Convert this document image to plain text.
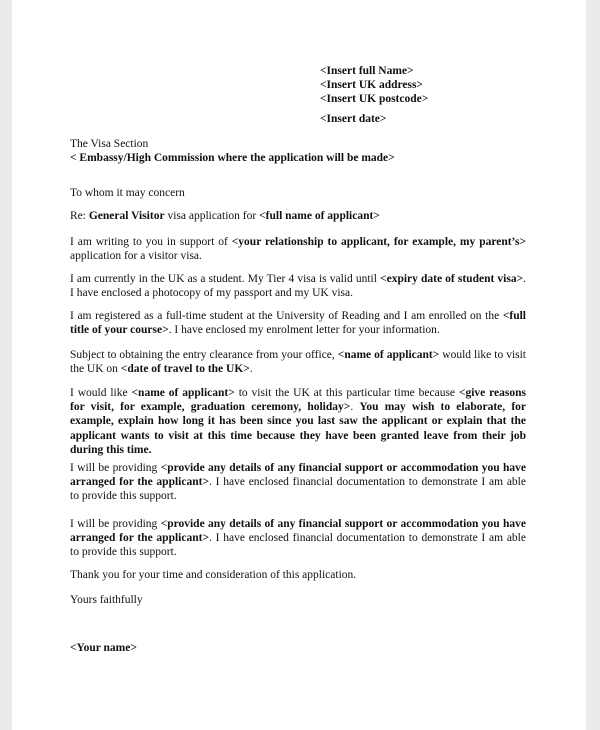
<Insert full Name>
<Insert UK address>
<Insert UK postcode>
<Insert date>
The Visa Section
< Embassy/High Commission where the application will be made>
To whom it may concern
Re: General Visitor visa application for <full name of applicant>
I am writing to you in support of <your relationship to applicant, for example, my parent’s> application for a visitor visa.
I am currently in the UK as a student. My Tier 4 visa is valid until <expiry date of student visa>. I have enclosed a photocopy of my passport and my UK visa.
I am registered as a full-time student at the University of Reading and I am enrolled on the <full title of your course>. I have enclosed my enrolment letter for your information.
Subject to obtaining the entry clearance from your office, <name of applicant> would like to visit the UK on <date of travel to the UK>.
I would like <name of applicant> to visit the UK at this particular time because <give reasons for visit, for example, graduation ceremony, holiday>. You may wish to elaborate, for example, explain how long it has been since you last saw the applicant or explain that the applicant wants to visit at this time because they have been granted leave from their job during this time.
I will be providing <provide any details of any financial support or accommodation you have arranged for the applicant>. I have enclosed financial documentation to demonstrate I am able to provide this support.
I will be providing <provide any details of any financial support or accommodation you have arranged for the applicant>. I have enclosed financial documentation to demonstrate I am able to provide this support.
Thank you for your time and consideration of this application.
Yours faithfully
<Your name>
